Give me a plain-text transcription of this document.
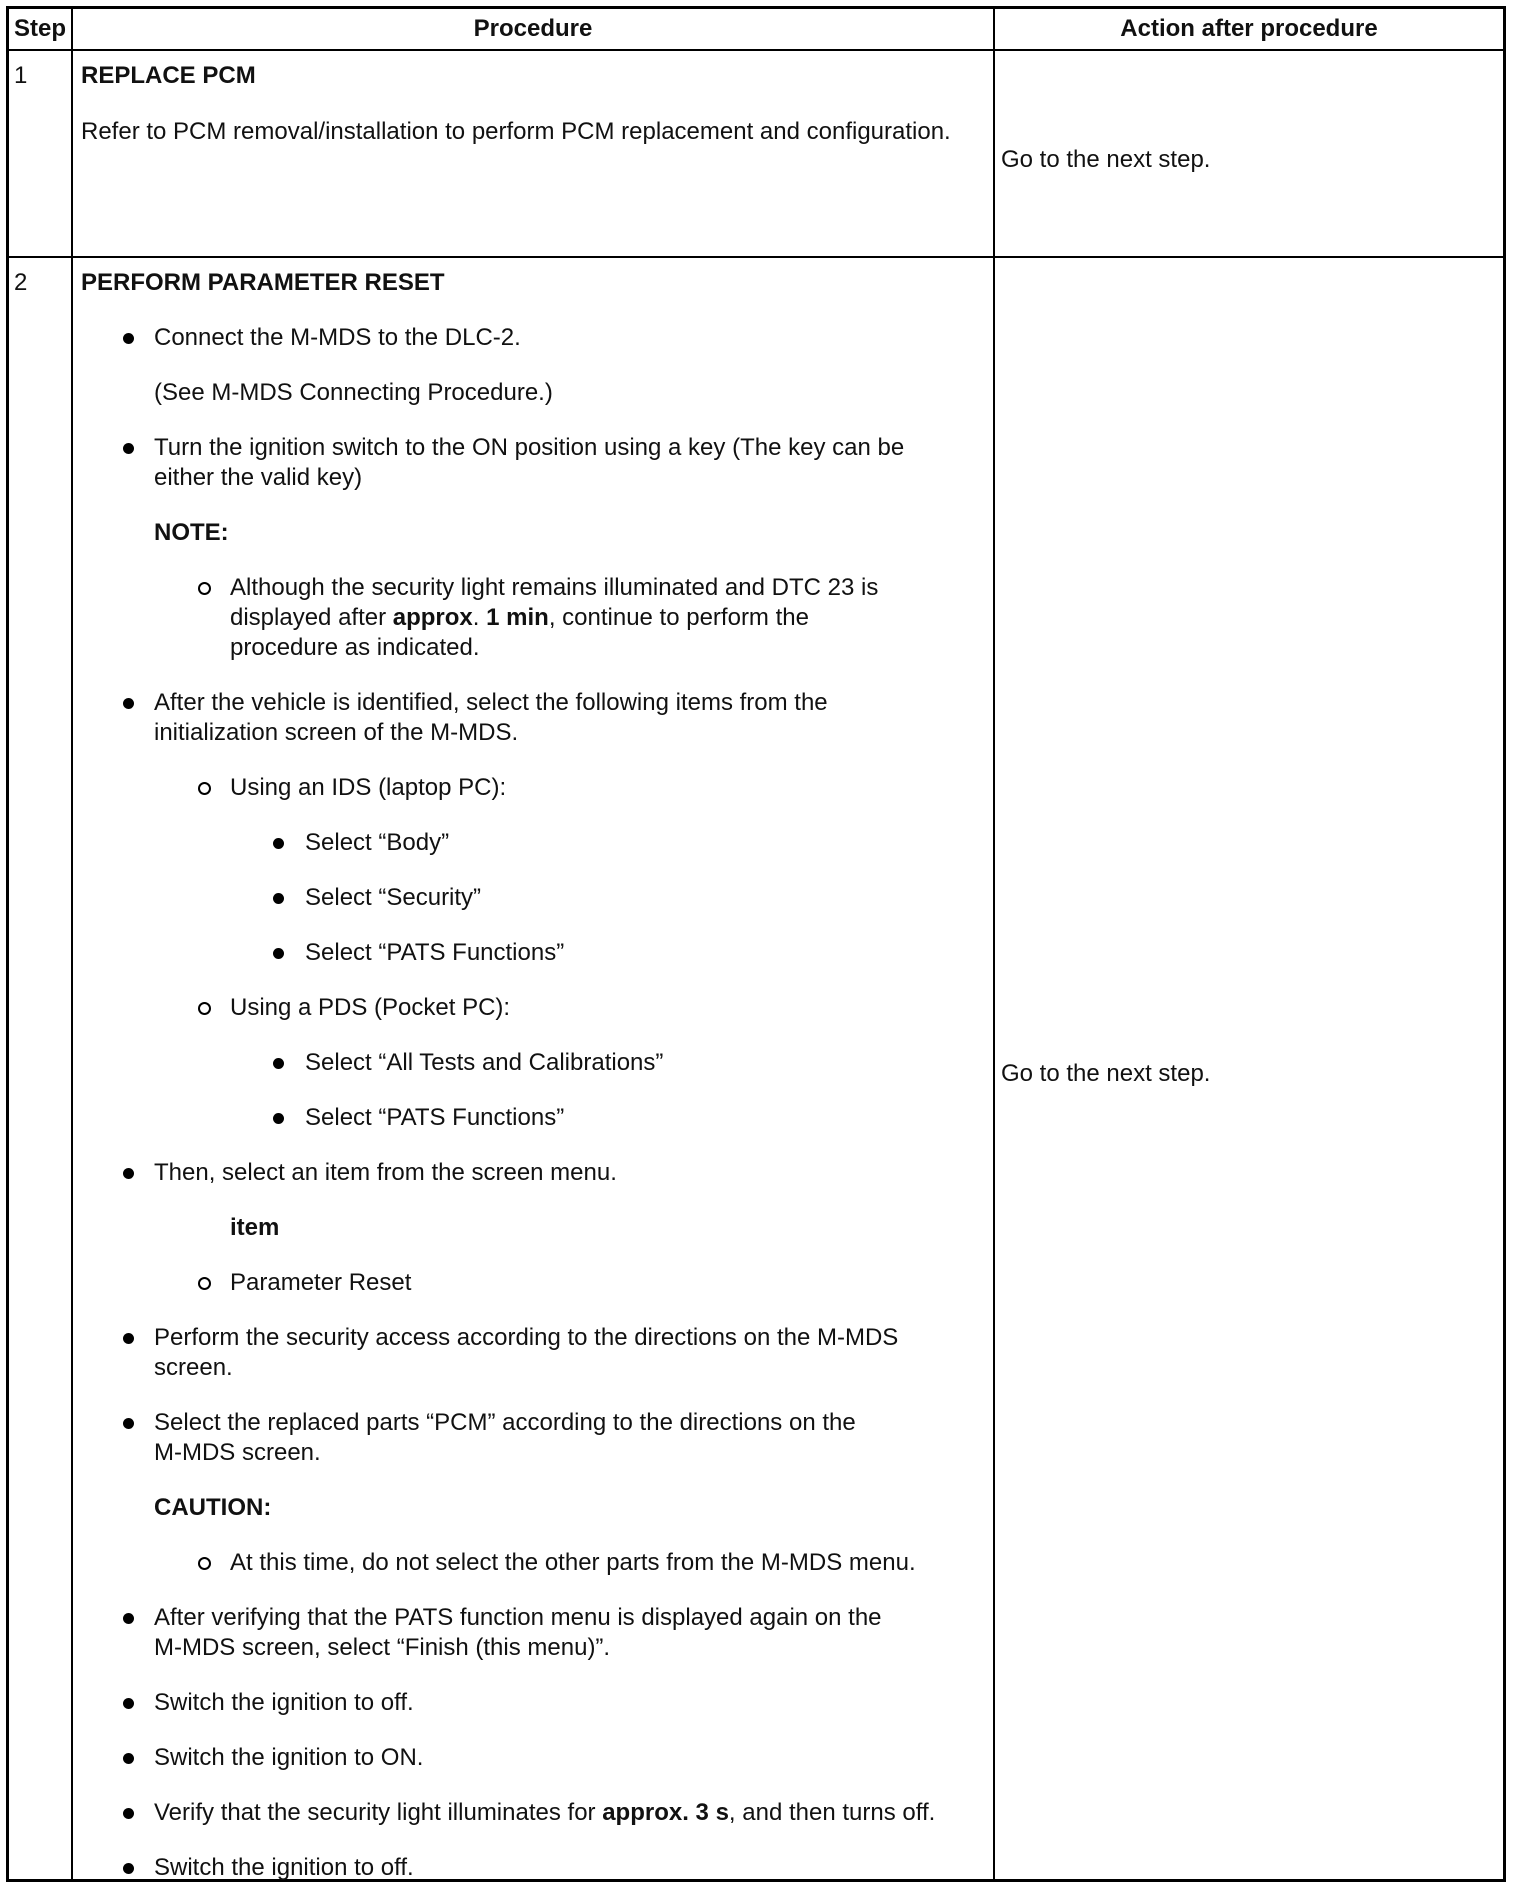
Step	Procedure	Action after procedure
1 REPLACE PCM
Refer to PCM removal/installation to perform PCM replacement and configuration.
Go to the next step.
2 PERFORM PARAMETER RESET
Go to the next step.
Connect the M-MDS to the DLC-2.
(See M-MDS Connecting Procedure.)
Turn the ignition switch to the ON position using a key (The key can be
either the valid key)
NOTE:
Although the security light remains illuminated and DTC 23 is
displayed after approx. 1 min, continue to perform the
procedure as indicated.
After the vehicle is identified, select the following items from the
initialization screen of the M-MDS.
Using an IDS (laptop PC):
Select “Body”
Select “Security”
Select “PATS Functions”
Using a PDS (Pocket PC):
Select “All Tests and Calibrations”
Select “PATS Functions”
Then, select an item from the screen menu.
item
Parameter Reset
Perform the security access according to the directions on the M-MDS
screen.
Select the replaced parts “PCM” according to the directions on the
M-MDS screen.
CAUTION:
At this time, do not select the other parts from the M-MDS menu.
After verifying that the PATS function menu is displayed again on the
M-MDS screen, select “Finish (this menu)”.
Switch the ignition to off.
Switch the ignition to ON.
Verify that the security light illuminates for approx. 3 s, and then turns off.
Switch the ignition to off.
